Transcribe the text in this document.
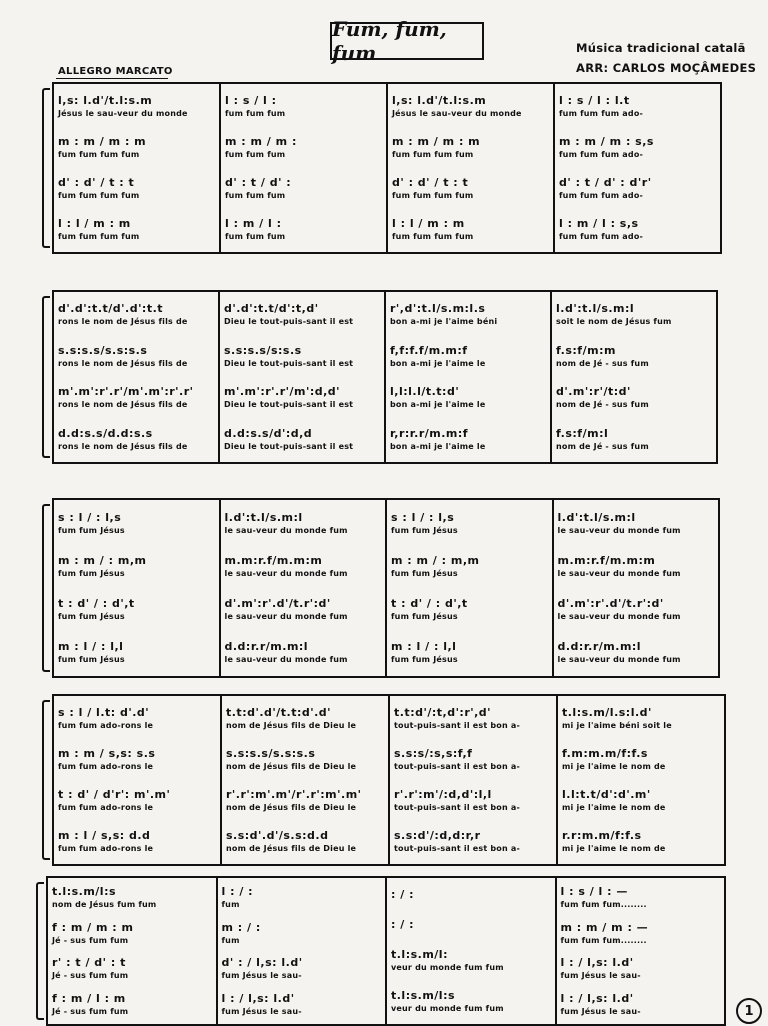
Fum, fum, fum	Música tradicional catalã
ARR: CARLOS MOÇÂMEDES
ALLEGRO MARCATO
l,s: l.d'/t.l:s.m
Jésus le sau-veur du monde
m : m / m : m
fum fum fum fum
d' : d' / t : t
fum fum fum fum
l : l / m : m
fum fum fum fum
l : s / l :
fum fum fum
m : m / m :
fum fum fum
d' : t / d' :
fum fum fum
l : m / l :
fum fum fum
l,s: l.d'/t.l:s.m
Jésus le sau-veur du monde
m : m / m : m
fum fum fum fum
d' : d' / t : t
fum fum fum fum
l : l / m : m
fum fum fum fum
l : s / l : l.t
fum fum fum ado-
m : m / m : s,s
fum fum fum ado-
d' : t / d' : d'r'
fum fum fum ado-
l : m / l : s,s
fum fum fum ado-
d'.d':t.t/d'.d':t.t
rons le nom de Jésus fils de
s.s:s.s/s.s:s.s
rons le nom de Jésus fils de
m'.m':r'.r'/m'.m':r'.r'
rons le nom de Jésus fils de
d.d:s.s/d.d:s.s
rons le nom de Jésus fils de
d'.d':t.t/d':t,d'
Dieu le tout-puis-sant il est
s.s:s.s/s:s.s
Dieu le tout-puis-sant il est
m'.m':r'.r'/m':d,d'
Dieu le tout-puis-sant il est
d.d:s.s/d':d,d
Dieu le tout-puis-sant il est
r',d':t.l/s.m:l.s
bon a-mi je l'aime béni
f,f:f.f/m.m:f
bon a-mi je l'aime le
l,l:l.l/t.t:d'
bon a-mi je l'aime le
r,r:r.r/m.m:f
bon a-mi je l'aime le
l.d':t.l/s.m:l
soit le nom de Jésus fum
f.s:f/m:m
nom de Jé - sus fum
d'.m':r'/t:d'
nom de Jé - sus fum
f.s:f/m:l
nom de Jé - sus fum
s : l / : l,s
fum fum Jésus
m : m / : m,m
fum fum Jésus
t : d' / : d',t
fum fum Jésus
m : l / : l,l
fum fum Jésus
l.d':t.l/s.m:l
le sau-veur du monde fum
m.m:r.f/m.m:m
le sau-veur du monde fum
d'.m':r'.d'/t.r':d'
le sau-veur du monde fum
d.d:r.r/m.m:l
le sau-veur du monde fum
s : l / : l,s
fum fum Jésus
m : m / : m,m
fum fum Jésus
t : d' / : d',t
fum fum Jésus
m : l / : l,l
fum fum Jésus
l.d':t.l/s.m:l
le sau-veur du monde fum
m.m:r.f/m.m:m
le sau-veur du monde fum
d'.m':r'.d'/t.r':d'
le sau-veur du monde fum
d.d:r.r/m.m:l
le sau-veur du monde fum
s : l / l.t: d'.d'
fum fum ado-rons le
m : m / s,s: s.s
fum fum ado-rons le
t : d' / d'r': m'.m'
fum fum ado-rons le
m : l / s,s: d.d
fum fum ado-rons le
t.t:d'.d'/t.t:d'.d'
nom de Jésus fils de Dieu le
s.s:s.s/s.s:s.s
nom de Jésus fils de Dieu le
r'.r':m'.m'/r'.r':m'.m'
nom de Jésus fils de Dieu le
s.s:d'.d'/s.s:d.d
nom de Jésus fils de Dieu le
t.t:d'/:t,d':r',d'
tout-puis-sant il est bon a-
s.s:s/:s,s:f,f
tout-puis-sant il est bon a-
r'.r':m'/:d,d':l,l
tout-puis-sant il est bon a-
s.s:d'/:d,d:r,r
tout-puis-sant il est bon a-
t.l:s.m/l.s:l.d'
mi je l'aime béni soit le
f.m:m.m/f:f.s
mi je l'aime le nom de
l.l:t.t/d':d'.m'
mi je l'aime le nom de
r.r:m.m/f:f.s
mi je l'aime le nom de
t.l:s.m/l:s
nom de Jésus fum fum
f : m / m : m
Jé - sus fum fum
r' : t / d' : t
Jé - sus fum fum
f : m / l : m
Jé - sus fum fum
l : / :
fum
m : / :
fum
d' : / l,s: l.d'
fum Jésus le sau-
l : / l,s: l.d'
fum Jésus le sau-
: / :
: / :
t.l:s.m/l:
veur du monde fum fum
t.l:s.m/l:s
veur du monde fum fum
l : s / l : —
fum fum fum........
m : m / m : —
fum fum fum........
l : / l,s: l.d'
fum Jésus le sau-
l : / l,s: l.d'
fum Jésus le sau-	1
